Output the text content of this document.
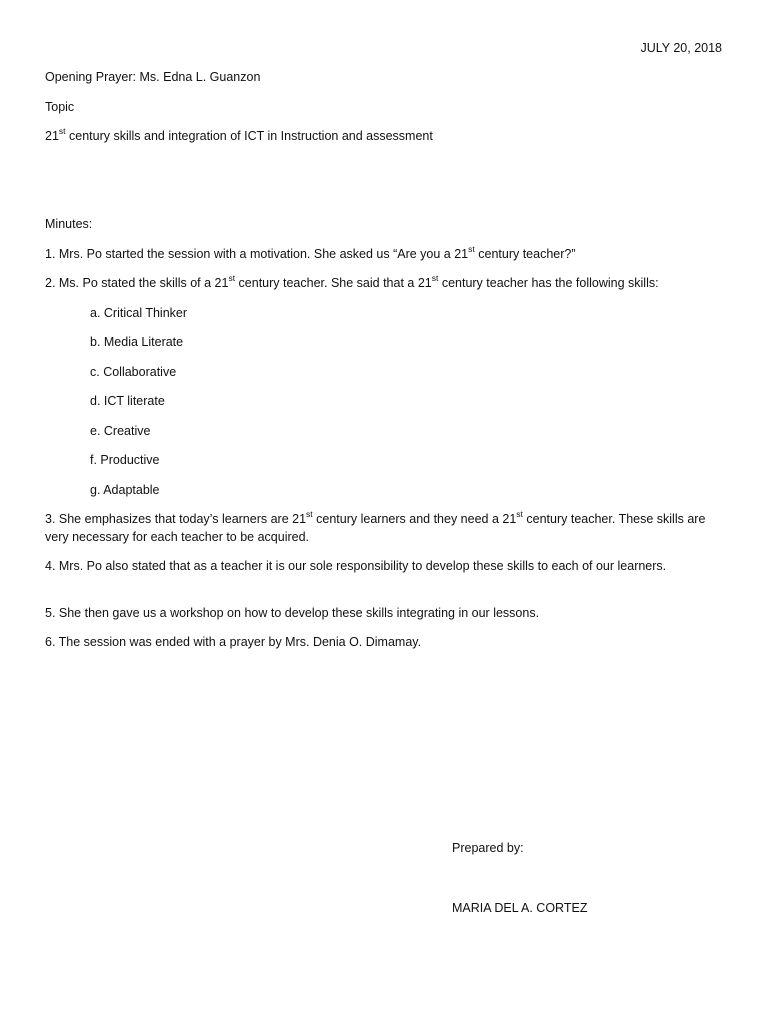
JULY 20, 2018
Opening Prayer: Ms. Edna L. Guanzon
Topic
21st century skills and integration of ICT in Instruction and assessment
Minutes:
1. Mrs. Po started the session with a motivation. She asked us “Are you a 21st century teacher?”
2. Ms. Po stated the skills of a 21st century teacher. She said that a 21st century teacher has the following skills:
a. Critical Thinker
b. Media Literate
c. Collaborative
d. ICT literate
e. Creative
f. Productive
g. Adaptable
3. She emphasizes that today’s learners are 21st century learners and they need a 21st century teacher. These skills are very necessary for each teacher to be acquired.
4. Mrs. Po also stated that as a teacher it is our sole responsibility to develop these skills to each of our learners.
5. She then gave us a workshop on how to develop these skills integrating in our lessons.
6. The session was ended with a prayer by Mrs. Denia O. Dimamay.
Prepared by:
MARIA DEL A. CORTEZ
